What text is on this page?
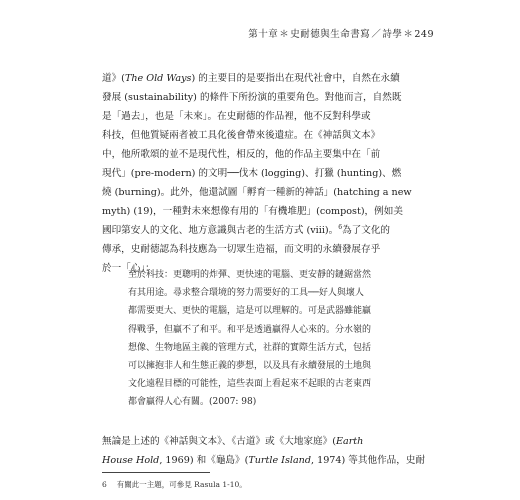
第十章＊史耐德與生命書寫／詩學＊249
道》(The Old Ways) 的主要目的是要指出在現代社會中，自然在永續
發展 (sustainability) 的條件下所扮演的重要角色。對他而言，自然既
是「過去」，也是「未來」。在史耐德的作品裡，他不反對科學或
科技，但他質疑兩者被工具化後會帶來後遺症。在《神話與文本》
中，他所歌頌的並不是現代性，相反的，他的作品主要集中在「前
現代」(pre-modern) 的文明──伐木 (logging)、打獵 (hunting)、燃
燒 (burning)。此外，他還試圖「孵育一種新的神話」(hatching a new
myth) (19)，一種對未來想像有用的「有機堆肥」(compost)，例如美
國印第安人的文化、地方意識與古老的生活方式 (viii)。$^6$為了文化的
傳承，史耐德認為科技應為一切眾生造福，而文明的永續發展存乎
於一「心」：
至於科技：更聰明的炸彈、更快速的電腦、更安靜的鏈鋸當然
有其用途。尋求整合環境的努力需要好的工具──好人與壞人
都需要更大、更快的電腦，這是可以理解的。可是武器雖能贏
得戰爭，但贏不了和平。和平是透過贏得人心來的。分水嶺的
想像、生物地區主義的管理方式，社群的實際生活方式，包括
可以擁抱非人和生態正義的夢想，以及具有永續發展的土地與
文化遠程目標的可能性，這些表面上看起來不起眼的古老東西
都會贏得人心有關。(2007: 98)
無論是上述的《神話與文本》、《古道》或《大地家庭》(Earth
House Hold, 1969) 和《龜島》(Turtle Island, 1974) 等其他作品，史耐
6 有關此一主題，可參見 Rasula 1-10。
